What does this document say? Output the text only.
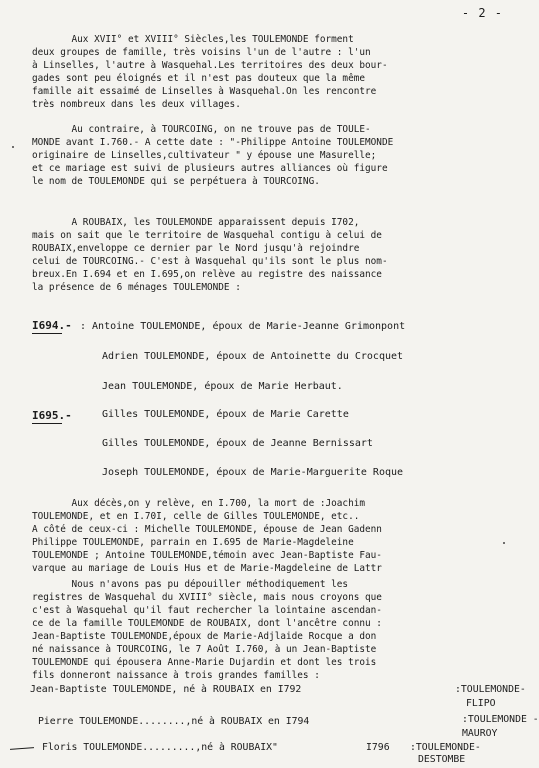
- 2 -
Aux XVII° et XVIII° Siècles,les TOULEMONDE forment
deux groupes de famille, très voisins l'un de l'autre : l'un
à Linselles, l'autre à Wasquehal.Les territoires des deux bour-
gades sont peu éloignés et il n'est pas douteux que la même
famille ait essaimé de Linselles à Wasquehal.On les rencontre
très nombreux dans les deux villages.
Au contraire, à TOURCOING, on ne trouve pas de TOULE-
MONDE avant I.760.- A cette date : "-Philippe Antoine TOULEMONDE
originaire de Linselles,cultivateur " y épouse une Masurelle;
et ce mariage est suivi de plusieurs autres alliances où figure
le nom de TOULEMONDE qui se perpétuera à TOURCOING.
A ROUBAIX, les TOULEMONDE apparaissent depuis I702,
mais on sait que le territoire de Wasquehal contigu à celui de
ROUBAIX,enveloppe ce dernier par le Nord jusqu'à rejoindre
celui de TOURCOING.- C'est à Wasquehal qu'ils sont le plus nom-
breux.En I.694 et en I.695,on relève au registre des naissance
la présence de 6 ménages TOULEMONDE :
I694.- : Antoine TOULEMONDE, époux de Marie-Jeanne Grimonpont
Adrien TOULEMONDE, époux de Antoinette du Crocquet
Jean TOULEMONDE, époux de Marie Herbaut.
I695.-	Gilles TOULEMONDE, époux de Marie Carette
Gilles TOULEMONDE, époux de Jeanne Bernissart
Joseph TOULEMONDE, époux de Marie-Marguerite Roque
Aux décès,on y relève, en I.700, la mort de :Joachim
TOULEMONDE, et en I.70I, celle de Gilles TOULEMONDE, etc..
A côté de ceux-ci : Michelle TOULEMONDE, épouse de Jean Gadenn
Philippe TOULEMONDE, parrain en I.695 de Marie-Magdeleine
TOULEMONDE ; Antoine TOULEMONDE,témoin avec Jean-Baptiste Fau-
varque au mariage de Louis Hus et de Marie-Magdeleine de Lattr
Nous n'avons pas pu dépouiller méthodiquement les
registres de Wasquehal du XVIII° siècle, mais nous croyons que
c'est à Wasquehal qu'il faut rechercher la lointaine ascendan-
ce de la famille TOULEMONDE de ROUBAIX, dont l'ancêtre connu :
Jean-Baptiste TOULEMONDE,époux de Marie-Adjlaide Rocque a don
né naissance à TOURCOING, le 7 Août I.760, à un Jean-Baptiste
TOULEMONDE qui épousera Anne-Marie Dujardin et dont les trois
fils donneront naissance à trois grandes familles :
Jean-Baptiste TOULEMONDE, né à ROUBAIX en I792	:TOULEMONDE-
FLIPO
Pierre TOULEMONDE........,né à ROUBAIX en I794	:TOULEMONDE -
MAUROY
Floris TOULEMONDE.........,né à ROUBAIX"	I796 :TOULEMONDE-
DESTOMBE
